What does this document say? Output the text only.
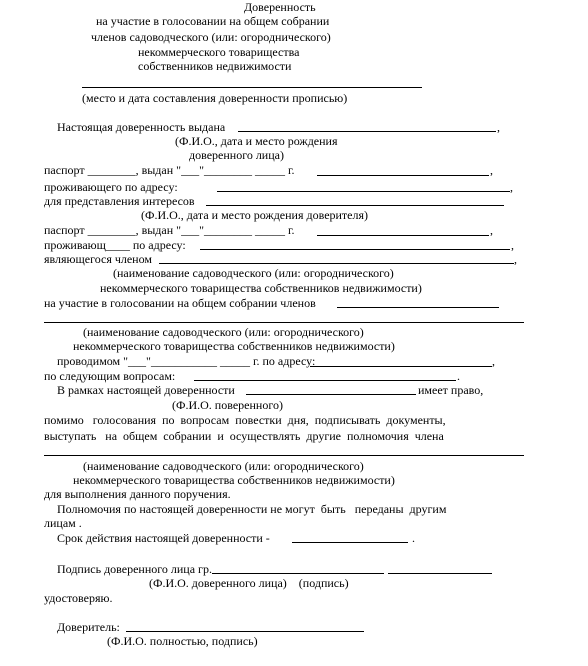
Доверенность
на участие в голосовании на общем собрании
членов садоводческого (или: огороднического)
некоммерческого товарищества
собственников недвижимости
(место и дата составления доверенности прописью)
Настоящая доверенность выдана	,
(Ф.И.О., дата и место рождения
доверенного лица)
паспорт ________, выдан "___"________ _____ г.	,
проживающего по адресу:	,
для представления интересов
(Ф.И.О., дата и место рождения доверителя)
паспорт ________, выдан "___"________ _____ г.	,
проживающ____ по адресу:	,
являющегося членом	,
(наименование садоводческого (или: огороднического)
некоммерческого товарищества собственников недвижимости)
на участие в голосовании на общем собрании членов
(наименование садоводческого (или: огороднического)
некоммерческого товарищества собственников недвижимости)
проводимом "___"___________ _____ г. по адресу:	,
по следующим вопросам:	.
В рамках настоящей доверенности	имеет право,
(Ф.И.О. поверенного)
помимо   голосования  по  вопросам  повестки  дня,  подписывать  документы,
выступать   на  общем  собрании  и  осуществлять  другие  полномочия  члена
(наименование садоводческого (или: огороднического)
некоммерческого товарищества собственников недвижимости)
для выполнения данного поручения.
Полномочия по настоящей доверенности не могут  быть   переданы  другим
лицам .
Срок действия настоящей доверенности -	.
Подпись доверенного лица гр.
(Ф.И.О. доверенного лица)    (подпись)
удостоверяю.
Доверитель:
(Ф.И.О. полностью, подпись)
